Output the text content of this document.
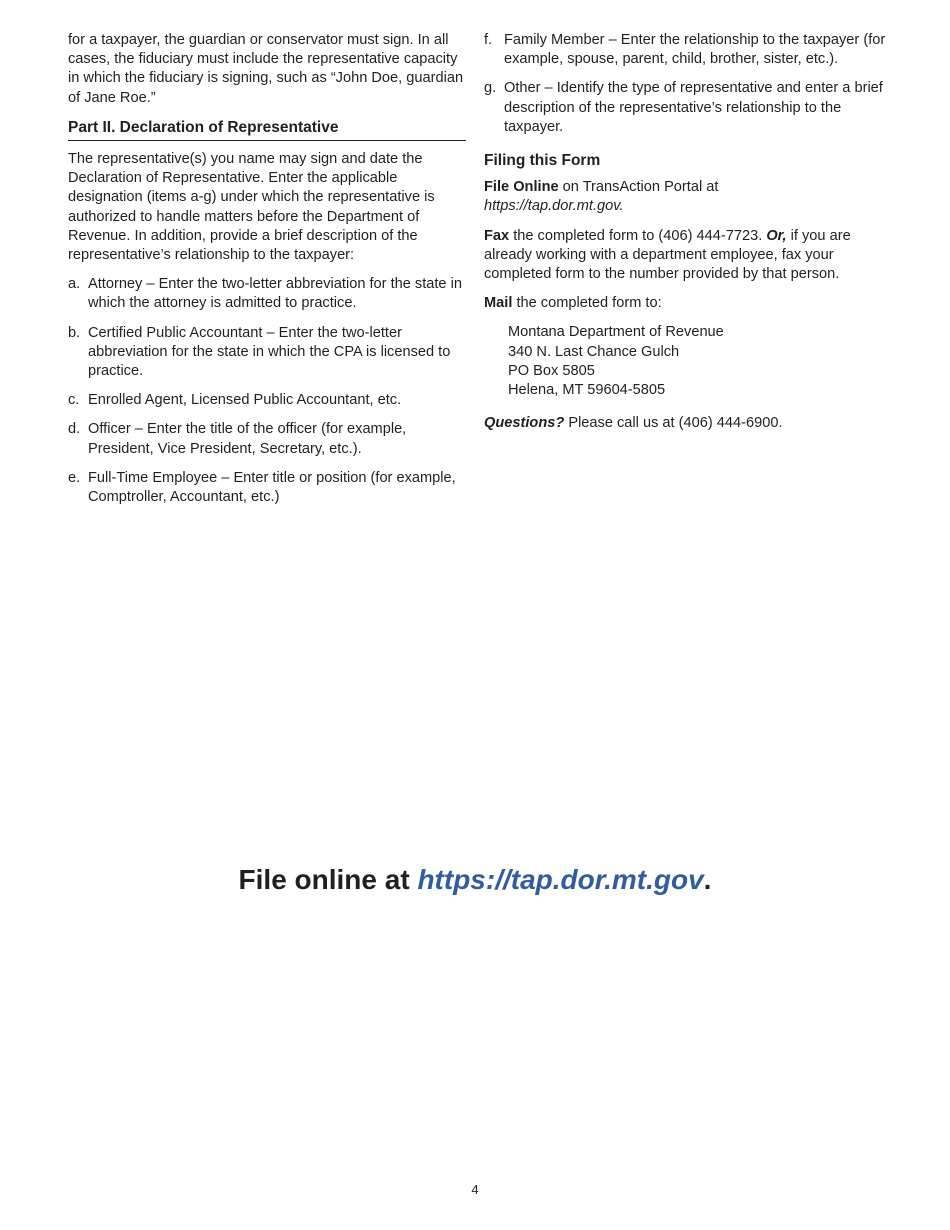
for a taxpayer, the guardian or conservator must sign. In all cases, the fiduciary must include the representative capacity in which the fiduciary is signing, such as “John Doe, guardian of Jane Roe.”

Part II. Declaration of Representative

The representative(s) you name may sign and date the Declaration of Representative. Enter the applicable designation (items a-g) under which the representative is authorized to handle matters before the Department of Revenue. In addition, provide a brief description of the representative’s relationship to the taxpayer:

a. Attorney – Enter the two-letter abbreviation for the state in which the attorney is admitted to practice.
b. Certified Public Accountant – Enter the two-letter abbreviation for the state in which the CPA is licensed to practice.
c. Enrolled Agent, Licensed Public Accountant, etc.
d. Officer – Enter the title of the officer (for example, President, Vice President, Secretary, etc.).
e. Full-Time Employee – Enter title or position (for example, Comptroller, Accountant, etc.)
f. Family Member – Enter the relationship to the taxpayer (for example, spouse, parent, child, brother, sister, etc.).
g. Other – Identify the type of representative and enter a brief description of the representative’s relationship to the taxpayer.
Filing this Form

File Online on TransAction Portal at
https://tap.dor.mt.gov.

Fax the completed form to (406) 444-7723. Or, if you are already working with a department employee, fax your completed form to the number provided by that person.

Mail the completed form to:

Montana Department of Revenue
340 N. Last Chance Gulch
PO Box 5805
Helena, MT 59604-5805

Questions? Please call us at (406) 444-6900.

File online at https://tap.dor.mt.gov.
4
